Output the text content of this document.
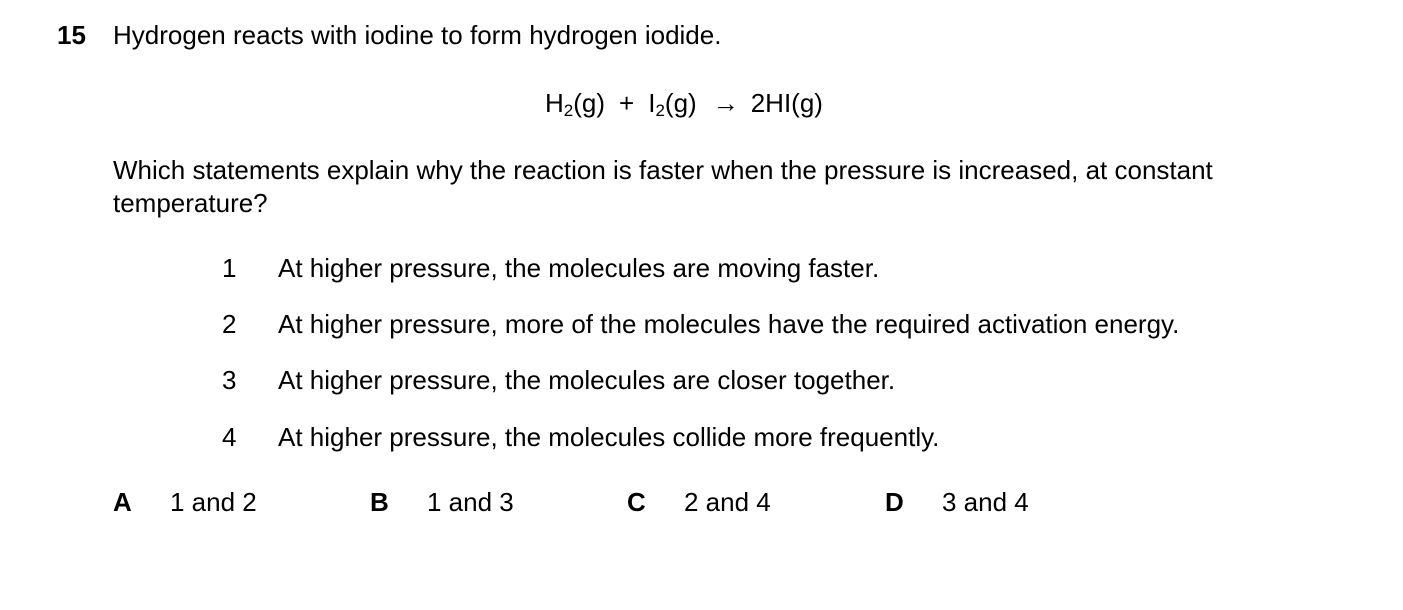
15 Hydrogen reacts with iodine to form hydrogen iodide.
$H_2(g) + I_2(g) \to 2HI(g)$
Which statements explain why the reaction is faster when the pressure is increased, at constant temperature?
1 At higher pressure, the molecules are moving faster.
2 At higher pressure, more of the molecules have the required activation energy.
3 At higher pressure, the molecules are closer together.
4 At higher pressure, the molecules collide more frequently.
A 1 and 2	B 1 and 3	C 2 and 4	D 3 and 4
